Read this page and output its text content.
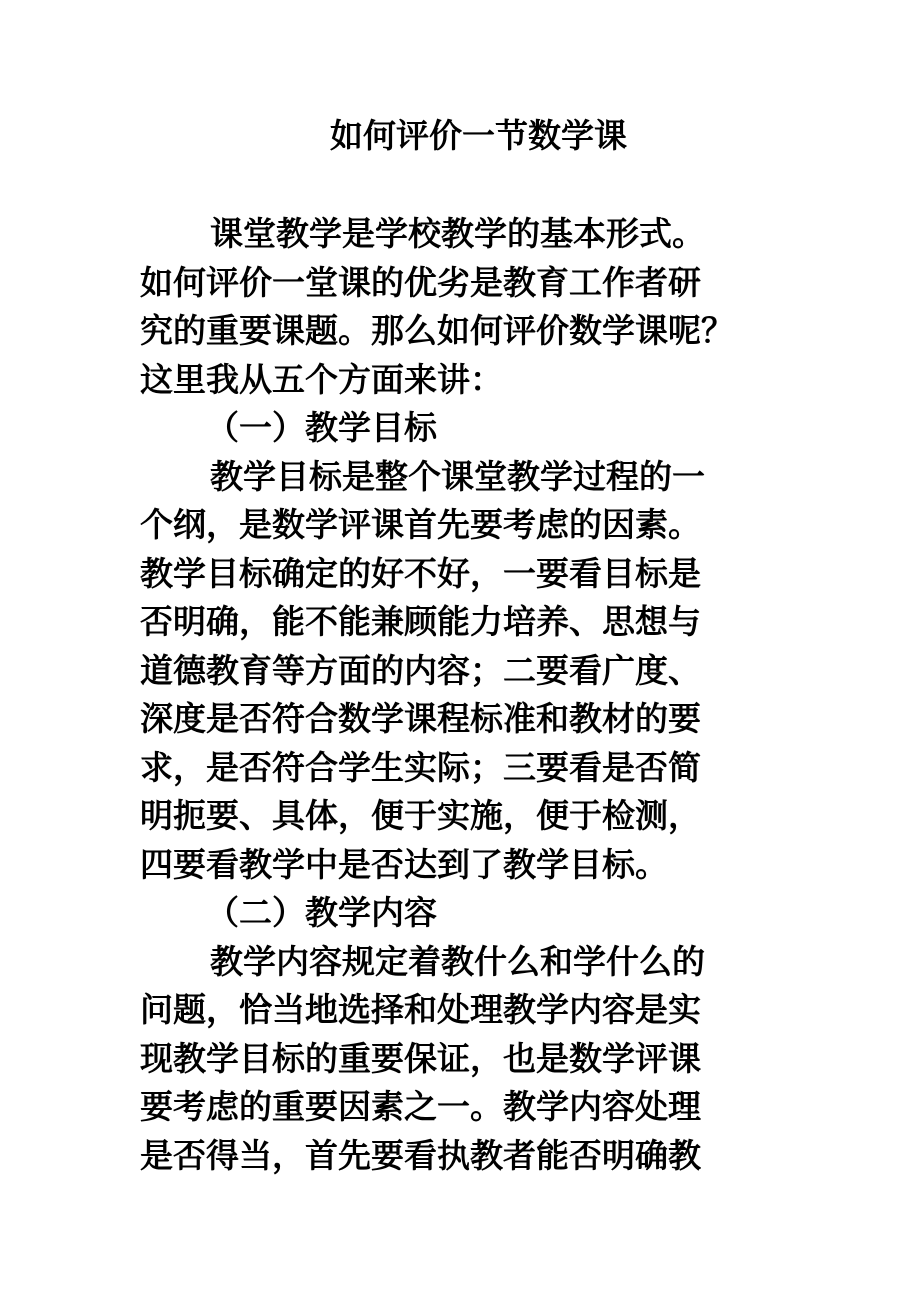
如何评价一节数学课
课堂教学是学校教学的基本形式。
如何评价一堂课的优劣是教育工作者研
究的重要课题。那么如何评价数学课呢？
这里我从五个方面来讲：
（一）教学目标
教学目标是整个课堂教学过程的一
个纲，是数学评课首先要考虑的因素。
教学目标确定的好不好，一要看目标是
否明确，能不能兼顾能力培养、思想与
道德教育等方面的内容；二要看广度、
深度是否符合数学课程标准和教材的要
求，是否符合学生实际；三要看是否简
明扼要、具体，便于实施，便于检测，
四要看教学中是否达到了教学目标。
（二）教学内容
教学内容规定着教什么和学什么的
问题，恰当地选择和处理教学内容是实
现教学目标的重要保证，也是数学评课
要考虑的重要因素之一。教学内容处理
是否得当，首先要看执教者能否明确教
